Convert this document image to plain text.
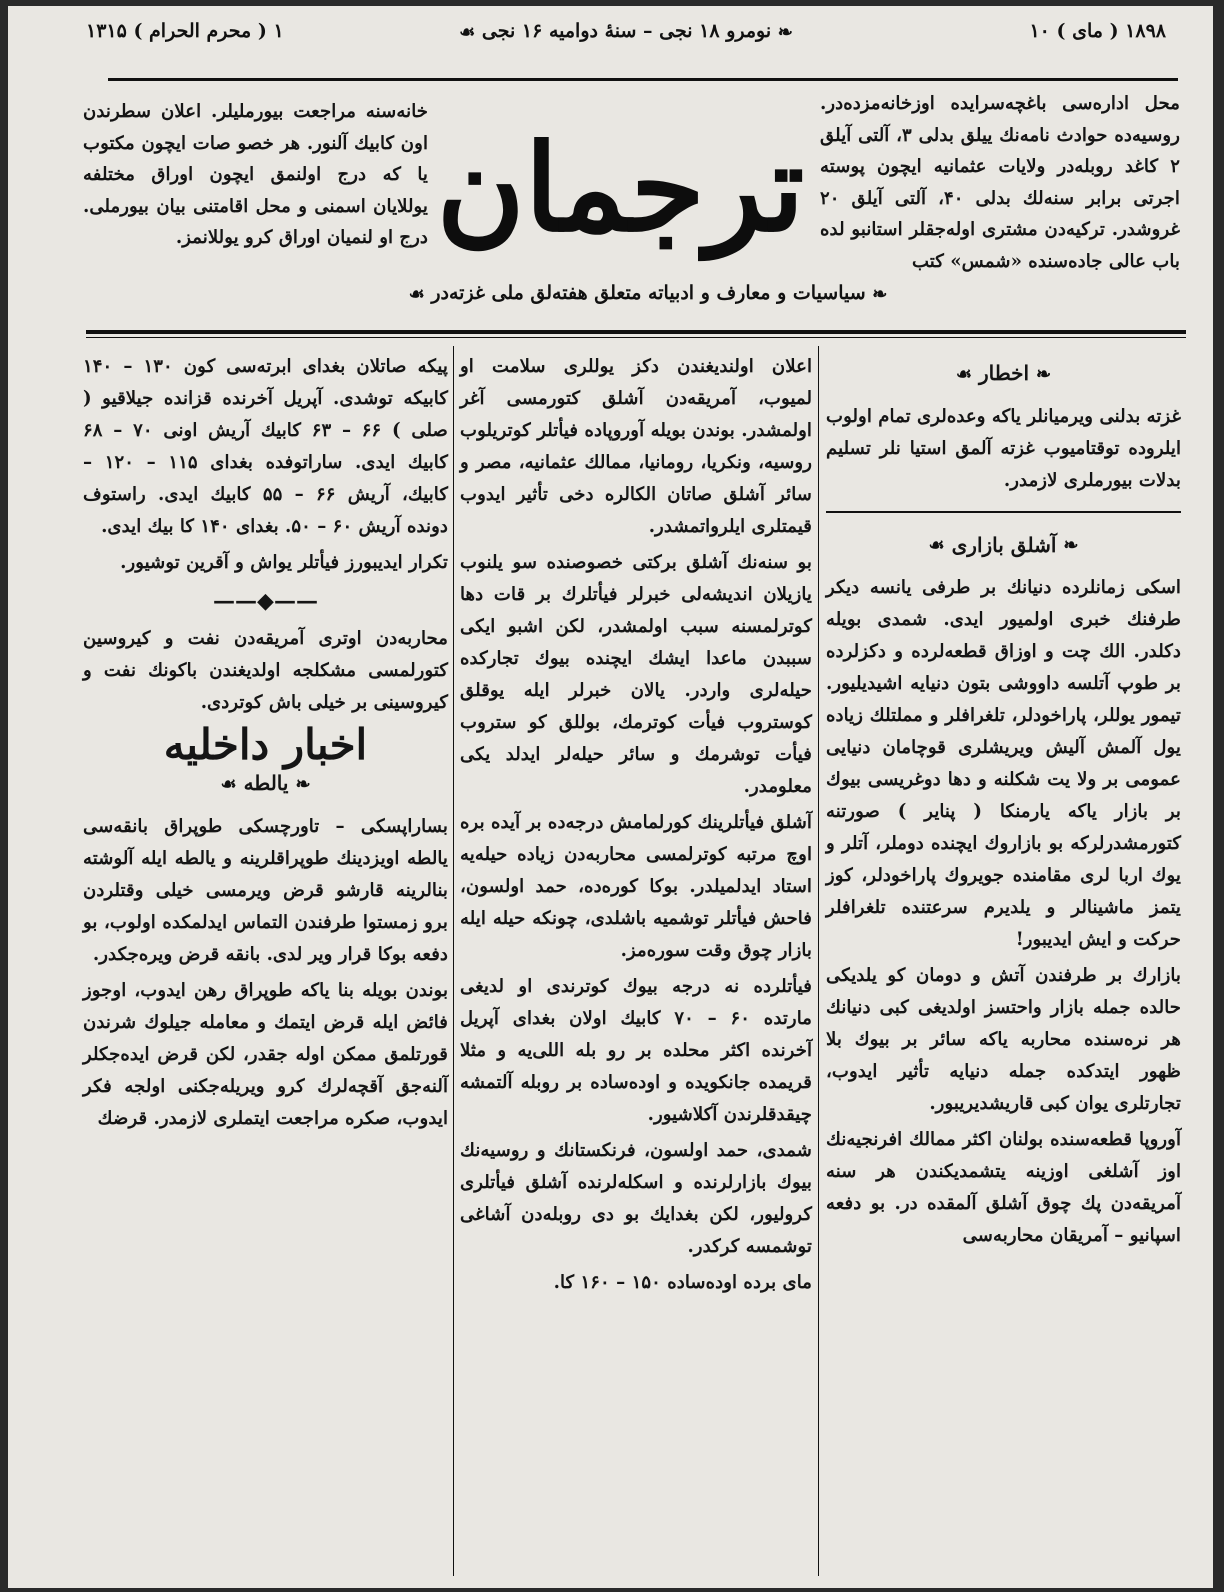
۱۸۹۸ ( مای ) ۱۰
❧ نومرو ۱۸ نجی – سنهٔ دوامیه ۱۶ نجی ☙
۱ ( محرم الحرام ) ۱۳۱۵
محل اداره‌سی باغچه‌سرایده اوزخانه‌مزده‌در. روسیه‌ده حوادث نامه‌نك ییلق بدلی ۳، آلتی آیلق ۲ کاغد روبله‌در ولایات عثمانیه ایچون پوسته اجرتی برابر سنه‌لك بدلی ۴۰، آلتی آیلق ۲۰ غروشدر. ترکیه‌دن مشتری اوله‌جقلر استانبو لده باب عالی جاده‌سنده «شمس» کتب
خانه‌سنه مراجعت بیورملیلر. اعلان سطرندن اون کابیك آلنور. هر خصو صات ایچون مکتوب یا که درج اولنمق ایچون اوراق مختلفه یوللایان اسمنی و محل اقامتنی بیان بیورملی. درج او لنمیان اوراق کرو یوللانمز. ترجمان
❧ سیاسیات و معارف و ادبیاته متعلق هفته‌لق ملی غزته‌در ☙
❧ اخطار ☙

غزته بدلنی ویرمیانلر یاکه وعده‌لری تمام اولوب ایلروده توقتامیوب غزته آلمق استیا نلر تسلیم بدلات بیورملری لازمدر.

❧ آشلق بازاری ☙

اسکی زمانلرده دنیانك بر طرفی یانسه دیکر طرفنك خبری اولمیور ایدی. شمدی بویله دکلدر. الك چت و اوزاق قطعه‌لرده و دکزلرده بر طوپ آتلسه داووشی بتون دنیایه اشیدیلیور. تیمور یوللر، پاراخودلر، تلغرافلر و مملتلك زیاده یول آلمش آلیش ویریشلری قوچامان دنیایی عمومی بر ولا یت شکلنه و دها دوغریسی بیوك بر بازار یاکه یارمنکا ( پنایر ) صورتنه کتورمشدرلرکه بو بازاروك ایچنده دوملر، آتلر و یوك اربا لری مقامنده جویروك پاراخودلر، کوز یتمز ماشینالر و یلدیرم سرعتنده تلغرافلر حرکت و ایش ایدیبور!

بازارك بر طرفندن آتش و دومان کو یلدیکی حالده جمله بازار واحتسز اولدیغی کبی دنیانك هر نره‌سنده محاربه یاکه سائر بر بیوك بلا ظهور ایتدکده جمله دنیایه تأثیر ایدوب، تجارتلری یوان کبی قاریشدیریبور.

آوروپا قطعه‌سنده بولنان اکثر ممالك افرنجیه‌نك اوز آشلغی اوزینه یتشمدیکندن هر سنه آمریقه‌دن پك چوق آشلق آلمقده در. بو دفعه اسپانیو – آمریقان محاربه‌سی

اعلان اولندیغندن دکز یوللری سلامت او لمیوب، آمریقه‌دن آشلق کتورمسی آغر اولمشدر. بوندن بویله آوروپاده فیأتلر کوتریلوب روسیه، ونکریا، رومانیا، ممالك عثمانیه، مصر و سائر آشلق صاتان الکالره دخی تأثیر ایدوب قیمتلری ایلرواتمشدر.

بو سنه‌نك آشلق برکتی خصوصنده سو یلنوب یازیلان اندیشه‌لی خبرلر فیأتلرك بر قات دها کوترلمسنه سبب اولمشدر، لکن اشبو ایکی سببدن ماعدا ایشك ایچنده بیوك تجارکده حیله‌لری واردر. یالان خبرلر ایله یوقلق کوستروب فیأت کوترمك، بوللق کو ستروب فیأت توشرمك و سائر حیله‌لر ایدلد یکی معلومدر.

آشلق فیأتلرینك کورلمامش درجه‌ده بر آیده بره اوچ مرتبه کوترلمسی محاربه‌دن زیاده حیله‌یه استاد ایدلمیلدر. بوکا کوره‌ده، حمد اولسون، فاحش فیأتلر توشمیه باشلدی، چونکه حیله ایله بازار چوق وقت سوره‌مز.

فیأتلرده نه درجه بیوك کوترندی او لدیغی مارتده ۶۰ – ۷۰ کابیك اولان بغدای آپریل آخرنده اکثر محلده بر رو بله اللی‌یه و مثلا قریمده جانکویده و اوده‌ساده بر روبله آلتمشه چیقدقلرندن آکلاشیور.

شمدی، حمد اولسون، فرنکستانك و روسیه‌نك بیوك بازارلرنده و اسکله‌لرنده آشلق فیأتلری کرولیور، لکن بغدایك بو دی روبله‌دن آشاغی توشمسه کرکدر.

مای برده اوده‌ساده ۱۵۰ – ۱۶۰ کا.

پیکه صاتلان بغدای ابرته‌سی کون ۱۳۰ – ۱۴۰ کابیکه توشدی. آپریل آخرنده قزانده جیلاقیو ( صلی ) ۶۶ – ۶۳ کابیك آریش اونی ۷۰ – ۶۸ کابیك ایدی. ساراتوفده بغدای ۱۱۵ – ۱۲۰ – کابیك، آریش ۶۶ – ۵۵ کابیك ایدی. راستوف دونده آریش ۶۰ – ۵۰. بغدای ۱۴۰ کا بیك ایدی.

تکرار ایدیبورز فیأتلر یواش و آقرین توشیور.

——◆——

محاربه‌دن اوتری آمریقه‌دن نفت و کیروسین کتورلمسی مشکلجه اولدیغندن باکونك نفت و کیروسینی بر خیلی باش کوتردی.

اخبار داخلیه
❧ یالطه ☙

بساراپسکی – تاورچسکی طوپراق بانقه‌سی یالطه اویزدینك طوپراقلرینه و یالطه ایله آلوشته بنالرینه قارشو قرض ویرمسی خیلی وقتلردن برو زمستوا طرفندن التماس ایدلمکده اولوب، بو دفعه بوکا قرار ویر لدی. بانقه قرض ویره‌جکدر.

بوندن بویله بنا یاکه طوپراق رهن ایدوب، اوجوز فائض ایله قرض ایتمك و معامله جیلوك شرندن قورتلمق ممکن اوله جقدر، لکن قرض ایده‌جکلر آلنه‌جق آقچه‌لرك کرو ویریله‌جکنی اولجه فکر ایدوب، صکره مراجعت ایتملری لازمدر. قرضك
